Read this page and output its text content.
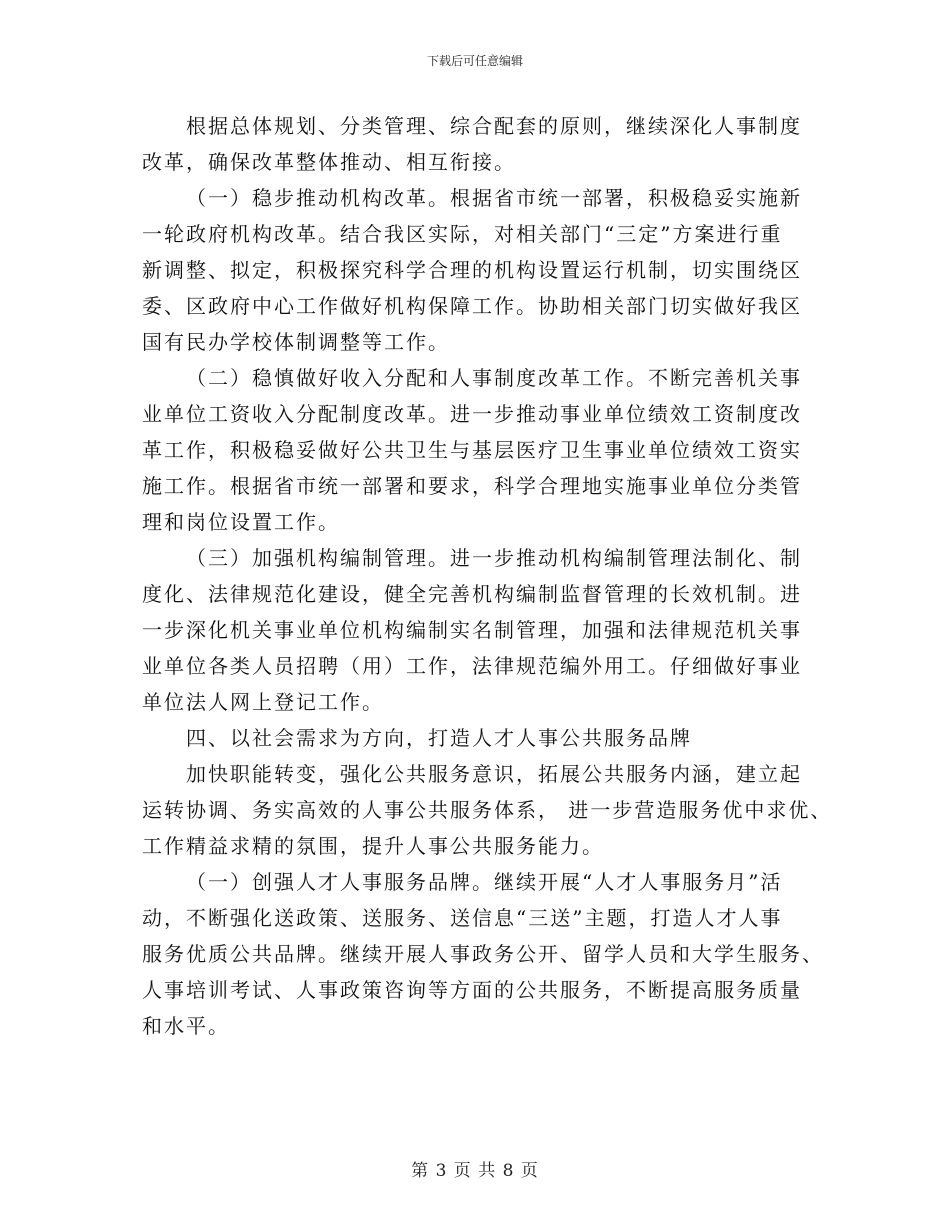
下载后可任意编辑
根据总体规划、分类管理、综合配套的原则，继续深化人事制度
改革，确保改革整体推动、相互衔接。
（一）稳步推动机构改革。根据省市统一部署，积极稳妥实施新
一轮政府机构改革。结合我区实际，对相关部门“三定”方案进行重
新调整、拟定，积极探究科学合理的机构设置运行机制，切实围绕区
委、区政府中心工作做好机构保障工作。协助相关部门切实做好我区
国有民办学校体制调整等工作。
（二）稳慎做好收入分配和人事制度改革工作。不断完善机关事
业单位工资收入分配制度改革。进一步推动事业单位绩效工资制度改
革工作，积极稳妥做好公共卫生与基层医疗卫生事业单位绩效工资实
施工作。根据省市统一部署和要求，科学合理地实施事业单位分类管
理和岗位设置工作。
（三）加强机构编制管理。进一步推动机构编制管理法制化、制
度化、法律规范化建设，健全完善机构编制监督管理的长效机制。进
一步深化机关事业单位机构编制实名制管理，加强和法律规范机关事
业单位各类人员招聘（用）工作，法律规范编外用工。仔细做好事业
单位法人网上登记工作。
四、以社会需求为方向，打造人才人事公共服务品牌
加快职能转变，强化公共服务意识，拓展公共服务内涵，建立起
运转协调、务实高效的人事公共服务体系， 进一步营造服务优中求优、
工作精益求精的氛围，提升人事公共服务能力。
（一）创强人才人事服务品牌。继续开展“人才人事服务月”活
动，不断强化送政策、送服务、送信息“三送”主题，打造人才人事
服务优质公共品牌。继续开展人事政务公开、留学人员和大学生服务、
人事培训考试、人事政策咨询等方面的公共服务，不断提高服务质量
和水平。
第 3 页 共 8 页
